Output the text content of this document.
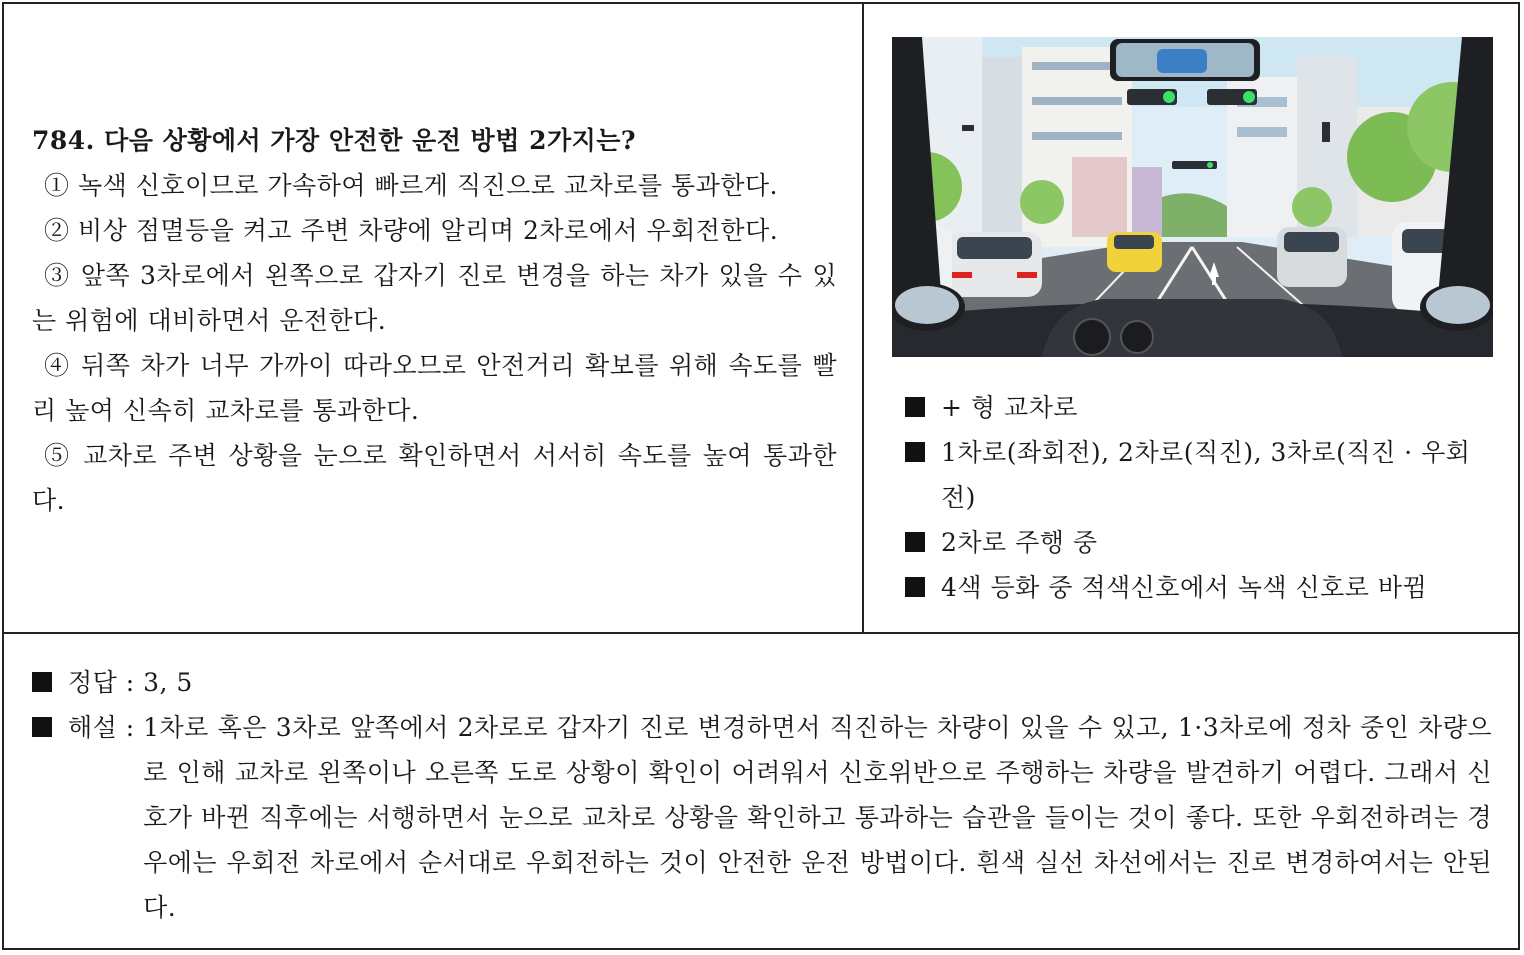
784. 다음 상황에서 가장 안전한 운전 방법 2가지는?
① 녹색 신호이므로 가속하여 빠르게 직진으로 교차로를 통과한다.
② 비상 점멸등을 켜고 주변 차량에 알리며 2차로에서 우회전한다.
③ 앞쪽 3차로에서 왼쪽으로 갑자기 진로 변경을 하는 차가 있을 수 있는 위험에 대비하면서 운전한다.
④ 뒤쪽 차가 너무 가까이 따라오므로 안전거리 확보를 위해 속도를 빨리 높여 신속히 교차로를 통과한다.
⑤ 교차로 주변 상황을 눈으로 확인하면서 서서히 속도를 높여 통과한다.
+ 형 교차로
1차로(좌회전), 2차로(직진), 3차로(직진 · 우회전)
2차로 주행 중
4색 등화 중 적색신호에서 녹색 신호로 바뀜
정답 : 3, 5
해설 : 1차로 혹은 3차로 앞쪽에서 2차로로 갑자기 진로 변경하면서 직진하는 차량이 있을 수 있고, 1·3차로에 정차 중인 차량으로 인해 교차로 왼쪽이나 오른쪽 도로 상황이 확인이 어려워서 신호위반으로 주행하는 차량을 발견하기 어렵다. 그래서 신호가 바뀐 직후에는 서행하면서 눈으로 교차로 상황을 확인하고 통과하는 습관을 들이는 것이 좋다. 또한 우회전하려는 경우에는 우회전 차로에서 순서대로 우회전하는 것이 안전한 운전 방법이다. 흰색 실선 차선에서는 진로 변경하여서는 안된다.
